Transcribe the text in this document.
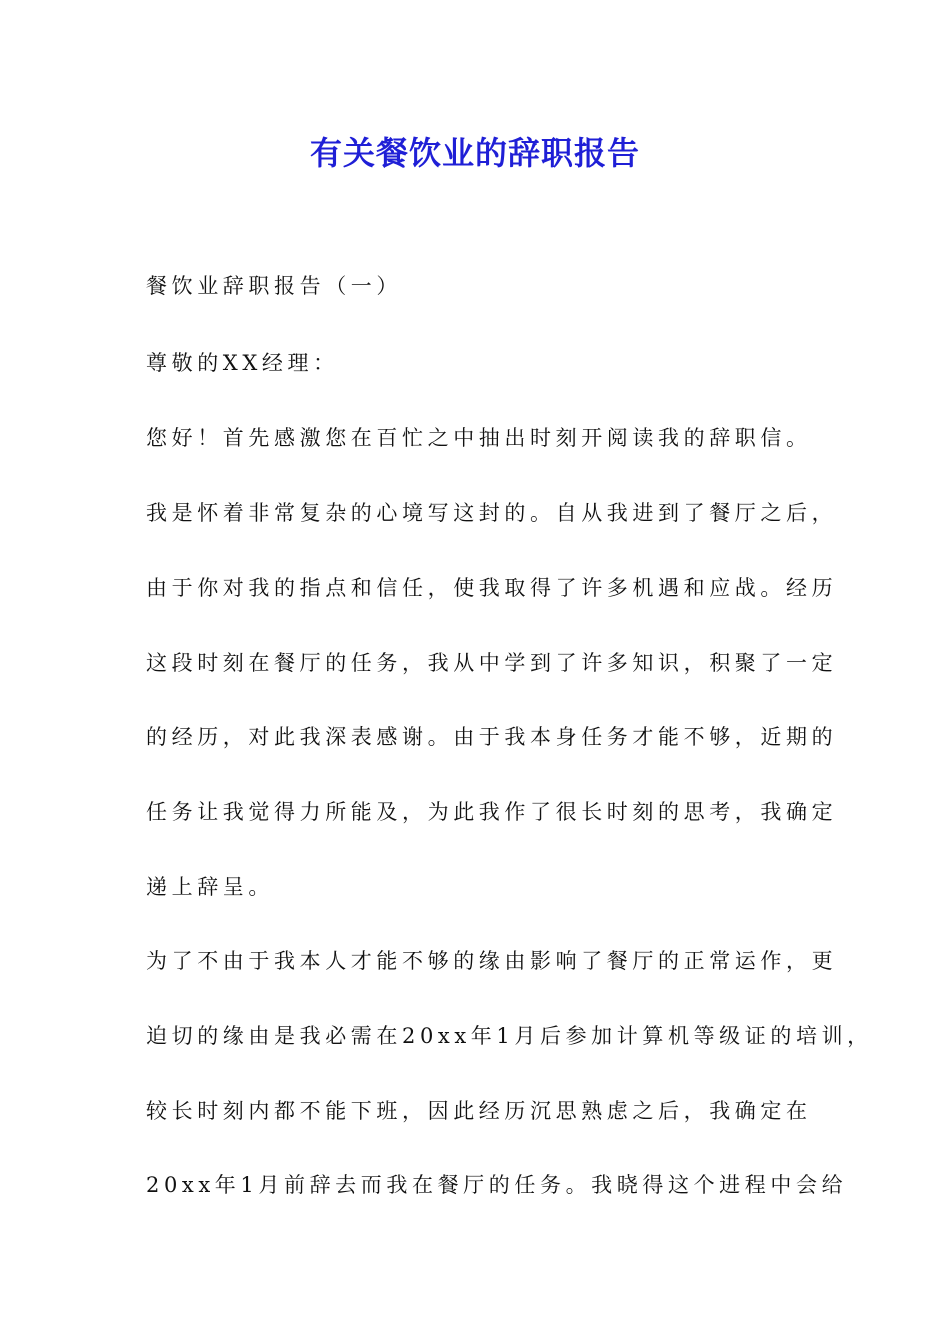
有关餐饮业的辞职报告

餐饮业辞职报告（一）

尊敬的XX经理：

您好！首先感激您在百忙之中抽出时刻开阅读我的辞职信。

我是怀着非常复杂的心境写这封的。自从我进到了餐厅之后，

由于你对我的指点和信任，使我取得了许多机遇和应战。经历

这段时刻在餐厅的任务，我从中学到了许多知识，积聚了一定

的经历，对此我深表感谢。由于我本身任务才能不够，近期的

任务让我觉得力所能及，为此我作了很长时刻的思考，我确定

递上辞呈。

为了不由于我本人才能不够的缘由影响了餐厅的正常运作，更

迫切的缘由是我必需在20xx年1月后参加计算机等级证的培训，

较长时刻内都不能下班，因此经历沉思熟虑之后，我确定在

20xx年1月前辞去而我在餐厅的任务。我晓得这个进程中会给
